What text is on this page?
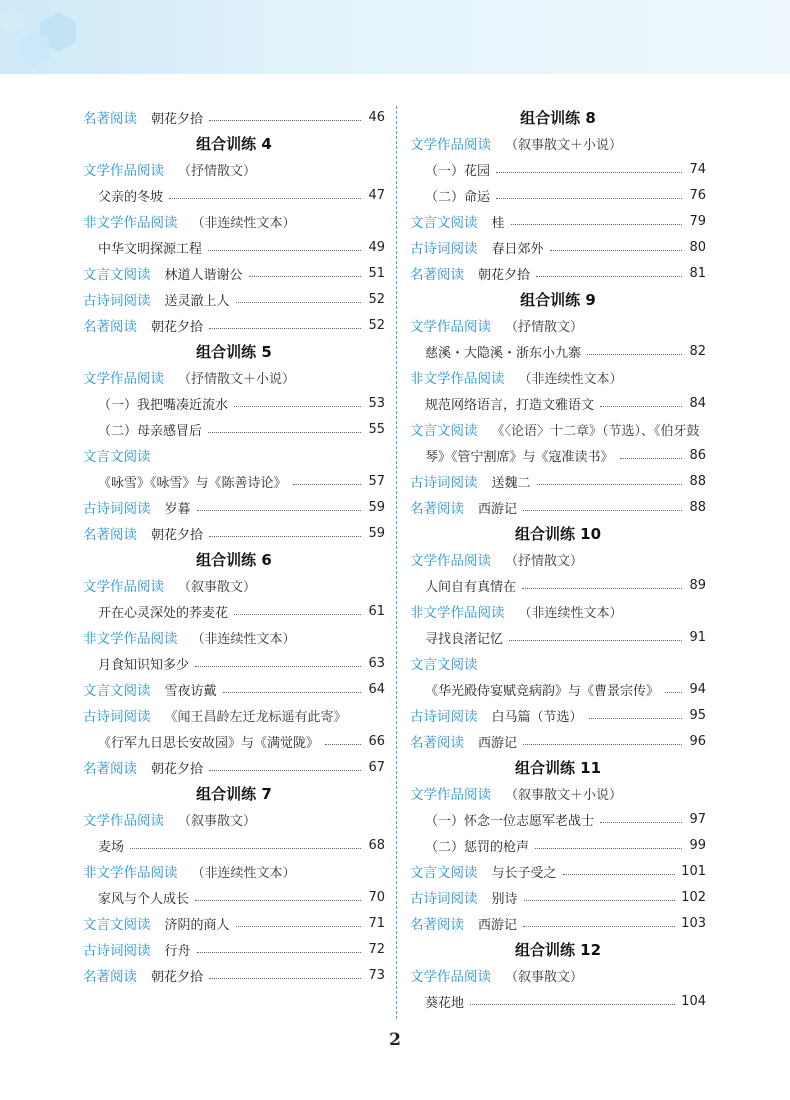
名著阅读 朝花夕拾	46
组合训练 4
文学作品阅读 （抒情散文）
父亲的冬坡	47
非文学作品阅读 （非连续性文本）
中华文明探源工程	49
文言文阅读 林道人谐谢公	51
古诗词阅读 送灵澈上人	52
名著阅读 朝花夕拾	52
组合训练 5
文学作品阅读 （抒情散文＋小说）
（一）我把嘴凑近流水	53
（二）母亲感冒后	55
文言文阅读
《咏雪》《咏雪》与《陈善诗论》	57
古诗词阅读 岁暮	59
名著阅读 朝花夕拾	59
组合训练 6
文学作品阅读 （叙事散文）
开在心灵深处的荞麦花	61
非文学作品阅读 （非连续性文本）
月食知识知多少	63
文言文阅读 雪夜访戴	64
古诗词阅读 《闻王昌龄左迁龙标遥有此寄》
《行军九日思长安故园》与《满觉陇》	66
名著阅读 朝花夕拾	67
组合训练 7
文学作品阅读 （叙事散文）
麦场	68
非文学作品阅读 （非连续性文本）
家风与个人成长	70
文言文阅读 济阴的商人	71
古诗词阅读 行舟	72
名著阅读 朝花夕拾	73
组合训练 8
文学作品阅读 （叙事散文＋小说）
（一）花园	74
（二）命运	76
文言文阅读 桂	79
古诗词阅读 春日郊外	80
名著阅读 朝花夕拾	81
组合训练 9
文学作品阅读 （抒情散文）
慈溪・大隐溪・浙东小九寨	82
非文学作品阅读 （非连续性文本）
规范网络语言，打造文雅语文	84
文言文阅读 《〈论语〉十二章》（节选）、《伯牙鼓
琴》《管宁割席》与《寇准读书》	86
古诗词阅读 送魏二	88
名著阅读 西游记	88
组合训练 10
文学作品阅读 （抒情散文）
人间自有真情在	89
非文学作品阅读 （非连续性文本）
寻找良渚记忆	91
文言文阅读
《华光殿侍宴赋竞病韵》与《曹景宗传》 94
古诗词阅读 白马篇（节选）	95
名著阅读 西游记	96
组合训练 11
文学作品阅读 （叙事散文＋小说）
（一）怀念一位志愿军老战士	97
（二）惩罚的枪声	99
文言文阅读 与长子受之	101
古诗词阅读 别诗	102
名著阅读 西游记	103
组合训练 12
文学作品阅读 （叙事散文）
葵花地	104
2
